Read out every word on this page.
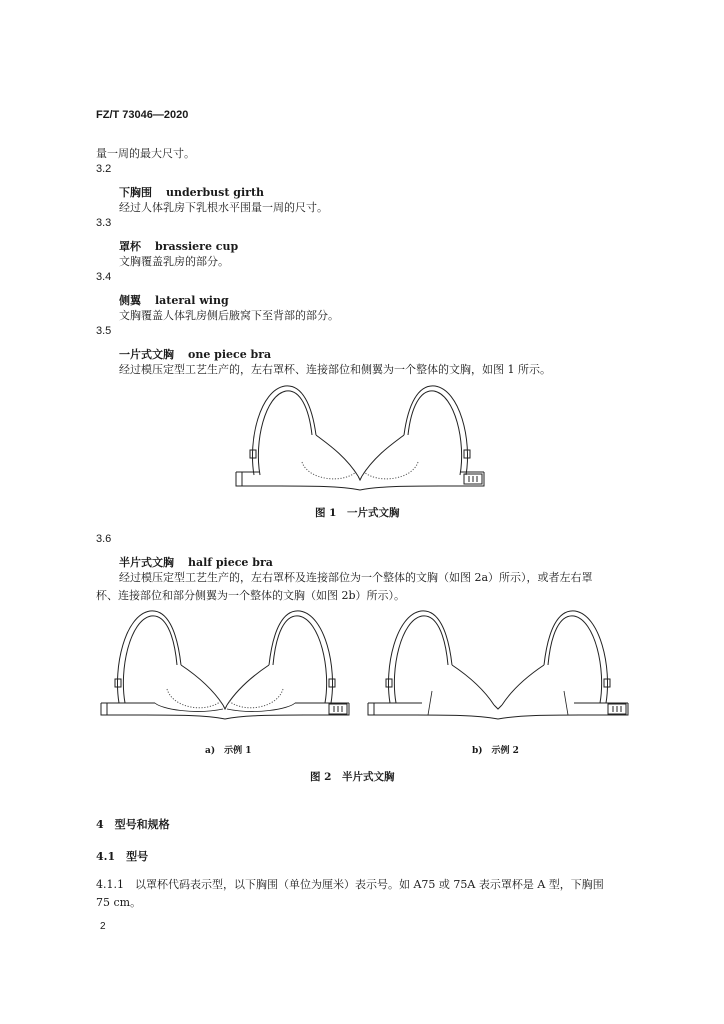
FZ/T 73046—2020
量一周的最大尺寸。
3.2
下胸围 underbust girth
经过人体乳房下乳根水平围量一周的尺寸。
3.3
罩杯 brassiere cup
文胸覆盖乳房的部分。
3.4
侧翼 lateral wing
文胸覆盖人体乳房侧后腋窝下至背部的部分。
3.5
一片式文胸 one piece bra
经过模压定型工艺生产的，左右罩杯、连接部位和侧翼为一个整体的文胸，如图 1 所示。
图 1　一片式文胸
3.6
半片式文胸 half piece bra
经过模压定型工艺生产的，左右罩杯及连接部位为一个整体的文胸（如图 2a）所示），或者左右罩
杯、连接部位和部分侧翼为一个整体的文胸（如图 2b）所示）。
a)　示例 1	b)　示例 2
图 2　半片式文胸
4　型号和规格
4.1　型号
4.1.1　以罩杯代码表示型，以下胸围（单位为厘米）表示号。如 A75 或 75A 表示罩杯是 A 型，下胸围
75 cm。
2
